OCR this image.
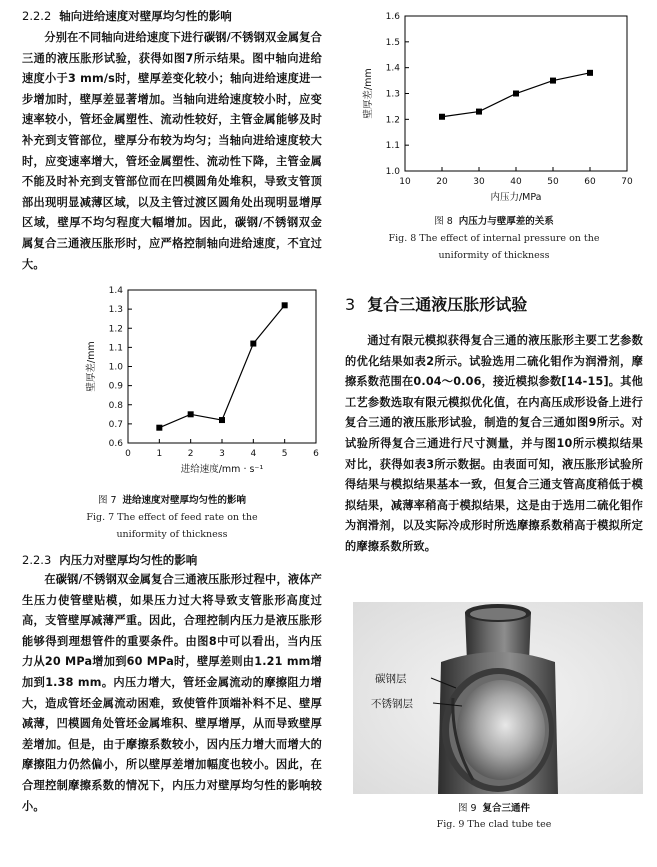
2.2.2 轴向进给速度对壁厚均匀性的影响

分别在不同轴向进给速度下进行碳钢/不锈钢双金属复合三通的液压胀形试验，获得如图7所示结果。图中轴向进给速度小于3 mm/s时，壁厚差变化较小；轴向进给速度进一步增加时，壁厚差显著增加。当轴向进给速度较小时，应变速率较小，管坯金属塑性、流动性较好，主管金属能够及时补充到支管部位，壁厚分布较为均匀；当轴向进给速度较大时，应变速率增大，管坯金属塑性、流动性下降，主管金属不能及时补充到支管部位而在凹模圆角处堆积，导致支管顶部出现明显减薄区域，以及主管过渡区圆角处出现明显增厚区域，壁厚不均匀程度大幅增加。因此，碳钢/不锈钢双金属复合三通液压胀形时，应严格控制轴向进给速度，不宜过大。

0	1	2	3	4	5	6
0.6
0.7
0.8
0.9
1.0
1.1
1.2
1.3
1.4
进给速度/mm · s⁻¹
壁厚差/mm

图 7 进给速度对壁厚均匀性的影响

Fig. 7 The effect of feed rate on the

uniformity of thickness

2.2.3 内压力对壁厚均匀性的影响

在碳钢/不锈钢双金属复合三通液压胀形过程中，液体产生压力使管壁贴模，如果压力过大将导致支管胀形高度过高，支管壁厚减薄严重。因此，合理控制内压力是液压胀形能够得到理想管件的重要条件。由图8中可以看出，当内压力从20 MPa增加到60 MPa时，壁厚差则由1.21 mm增加到1.38 mm。内压力增大，管坯金属流动的摩擦阻力增大，造成管坯金属流动困难，致使管件顶端补料不足、壁厚减薄，凹模圆角处管坯金属堆积、壁厚增厚，从而导致壁厚差增加。但是，由于摩擦系数较小，因内压力增大而增大的摩擦阻力仍然偏小，所以壁厚差增加幅度也较小。因此，在合理控制摩擦系数的情况下，内压力对壁厚均匀性的影响较小。

10	20	30	40	50	60	70
1.0
1.1
1.2
1.3
1.4
1.5
1.6
内压力/MPa
壁厚差/mm

图 8 内压力与壁厚差的关系

Fig. 8 The effect of internal pressure on the

uniformity of thickness

3 复合三通液压胀形试验

通过有限元模拟获得复合三通的液压胀形主要工艺参数的优化结果如表2所示。试验选用二硫化钼作为润滑剂，摩擦系数范围在0.04～0.06，接近模拟参数[14-15]。其他工艺参数选取有限元模拟优化值，在内高压成形设备上进行复合三通的液压胀形试验，制造的复合三通如图9所示。对试验所得复合三通进行尺寸测量，并与图10所示模拟结果对比，获得如表3所示数据。由表面可知，液压胀形试验所得结果与模拟结果基本一致，但复合三通支管高度稍低于模拟结果，减薄率稍高于模拟结果，这是由于选用二硫化钼作为润滑剂，以及实际冷成形时所选摩擦系数稍高于模拟所定的摩擦系数所致。

碳钢层
不锈钢层

图 9 复合三通件

Fig. 9 The clad tube tee
